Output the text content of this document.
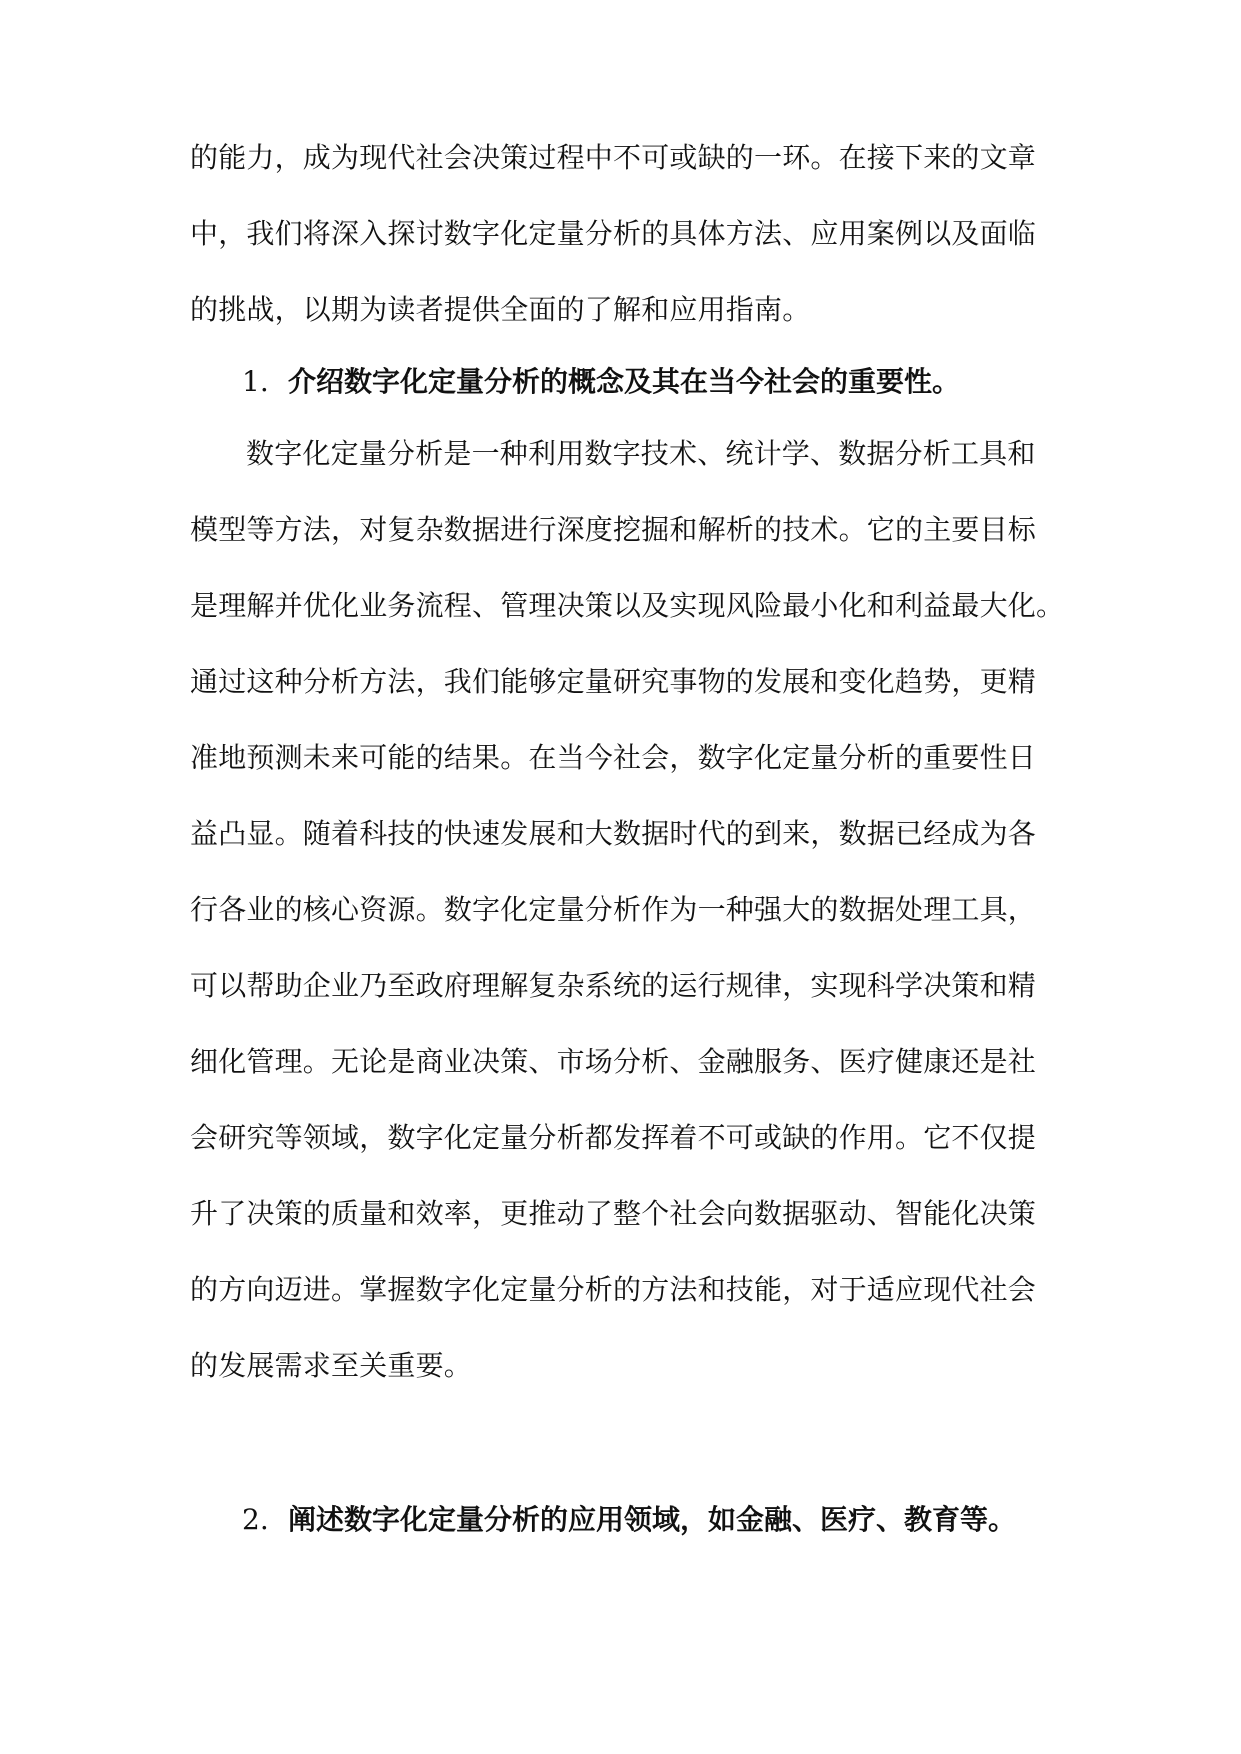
的能力，成为现代社会决策过程中不可或缺的一环。在接下来的文章
中，我们将深入探讨数字化定量分析的具体方法、应用案例以及面临
的挑战，以期为读者提供全面的了解和应用指南。
1. 介绍数字化定量分析的概念及其在当今社会的重要性。
数字化定量分析是一种利用数字技术、统计学、数据分析工具和
模型等方法，对复杂数据进行深度挖掘和解析的技术。它的主要目标
是理解并优化业务流程、管理决策以及实现风险最小化和利益最大化。
通过这种分析方法，我们能够定量研究事物的发展和变化趋势，更精
准地预测未来可能的结果。在当今社会，数字化定量分析的重要性日
益凸显。随着科技的快速发展和大数据时代的到来，数据已经成为各
行各业的核心资源。数字化定量分析作为一种强大的数据处理工具，
可以帮助企业乃至政府理解复杂系统的运行规律，实现科学决策和精
细化管理。无论是商业决策、市场分析、金融服务、医疗健康还是社
会研究等领域，数字化定量分析都发挥着不可或缺的作用。它不仅提
升了决策的质量和效率，更推动了整个社会向数据驱动、智能化决策
的方向迈进。掌握数字化定量分析的方法和技能，对于适应现代社会
的发展需求至关重要。
2. 阐述数字化定量分析的应用领域，如金融、医疗、教育等。
